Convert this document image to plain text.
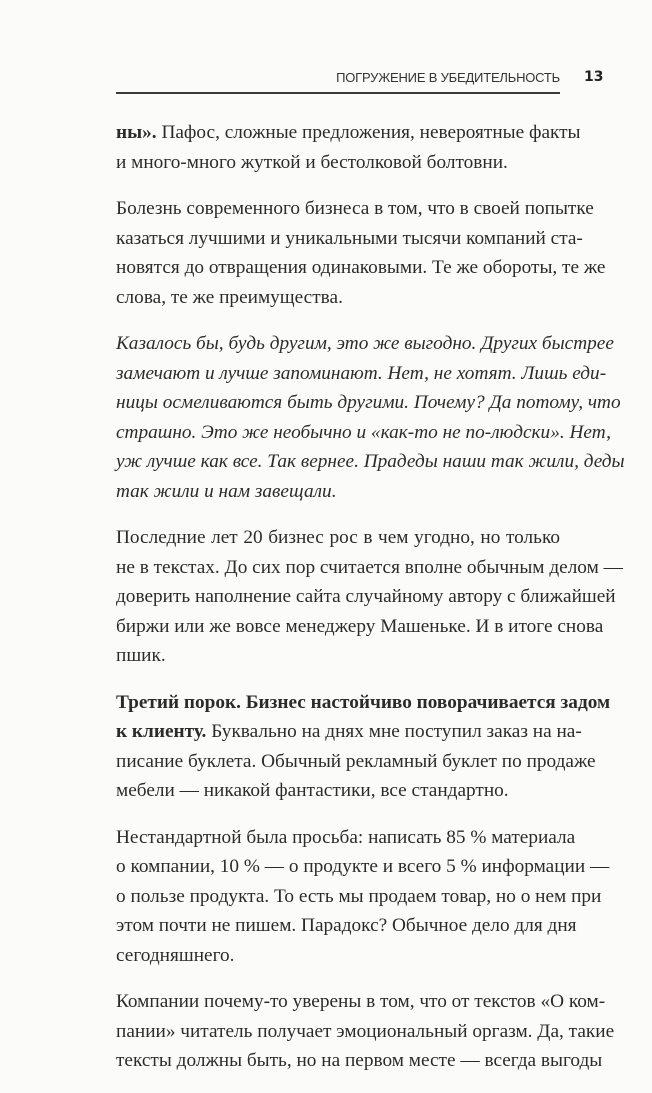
ПОГРУЖЕНИЕ В УБЕДИТЕЛЬНОСТЬ 13

ны». Пафос, сложные предложения, невероятные факты
и много-много жуткой и бестолковой болтовни.

Болезнь современного бизнеса в том, что в своей попытке
казаться лучшими и уникальными тысячи компаний ста-
новятся до отвращения одинаковыми. Те же обороты, те же
слова, те же преимущества.

Казалось бы, будь другим, это же выгодно. Других быстрее
замечают и лучше запоминают. Нет, не хотят. Лишь еди-
ницы осмеливаются быть другими. Почему? Да потому, что
страшно. Это же необычно и «как-то не по-людски». Нет,
уж лучше как все. Так вернее. Прадеды наши так жили, деды
так жили и нам завещали.

Последние лет 20 бизнес рос в чем угодно, но только
не в текстах. До сих пор считается вполне обычным делом —
доверить наполнение сайта случайному автору с ближайшей
биржи или же вовсе менеджеру Машеньке. И в итоге снова
пшик.

Третий порок. Бизнес настойчиво поворачивается задом
к клиенту. Буквально на днях мне поступил заказ на на-
писание буклета. Обычный рекламный буклет по продаже
мебели — никакой фантастики, все стандартно.

Нестандартной была просьба: написать 85 % материала
о компании, 10 % — о продукте и всего 5 % информации —
о пользе продукта. То есть мы продаем товар, но о нем при
этом почти не пишем. Парадокс? Обычное дело для дня
сегодняшнего.

Компании почему-то уверены в том, что от текстов «О ком-
пании» читатель получает эмоциональный оргазм. Да, такие
тексты должны быть, но на первом месте — всегда выгоды
